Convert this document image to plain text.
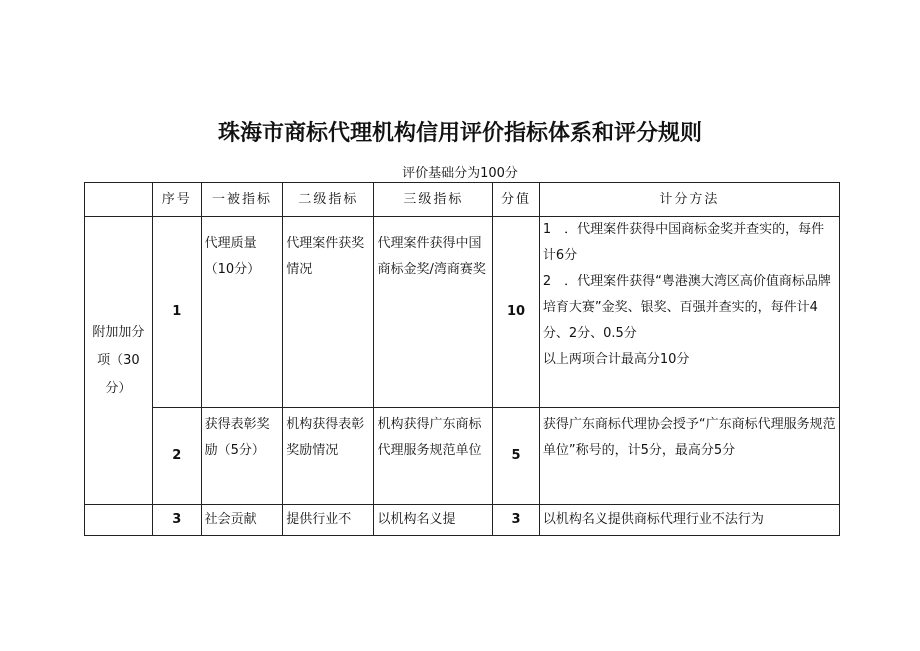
珠海市商标代理机构信用评价指标体系和评分规则
评价基础分为100分
	序号	一被指标	二级指标	三级指标	分值	计分方法
附加加分项（30分）	1	代理质量（10分）	代理案件获奖情况	代理案件获得中国商标金奖/湾商赛奖	10	1　．代理案件获得中国商标金奖并查实的，每件计6分

2　．代理案件获得“粤港澳大湾区高价值商标品牌培育大赛”金奖、银奖、百强并查实的，每件计4分、2分、0.5分

以上两项合计最高分10分

	2	获得表彰奖励（5分）	机构获得表彰奖励情况	机构获得广东商标代理服务规范单位	5	获得广东商标代理协会授予“广东商标代理服务规范单位”称号的，计5分，最高分5分

	3	社会贡献	提供行业不	以机构名义提	3	以机构名义提供商标代理行业不法行为
